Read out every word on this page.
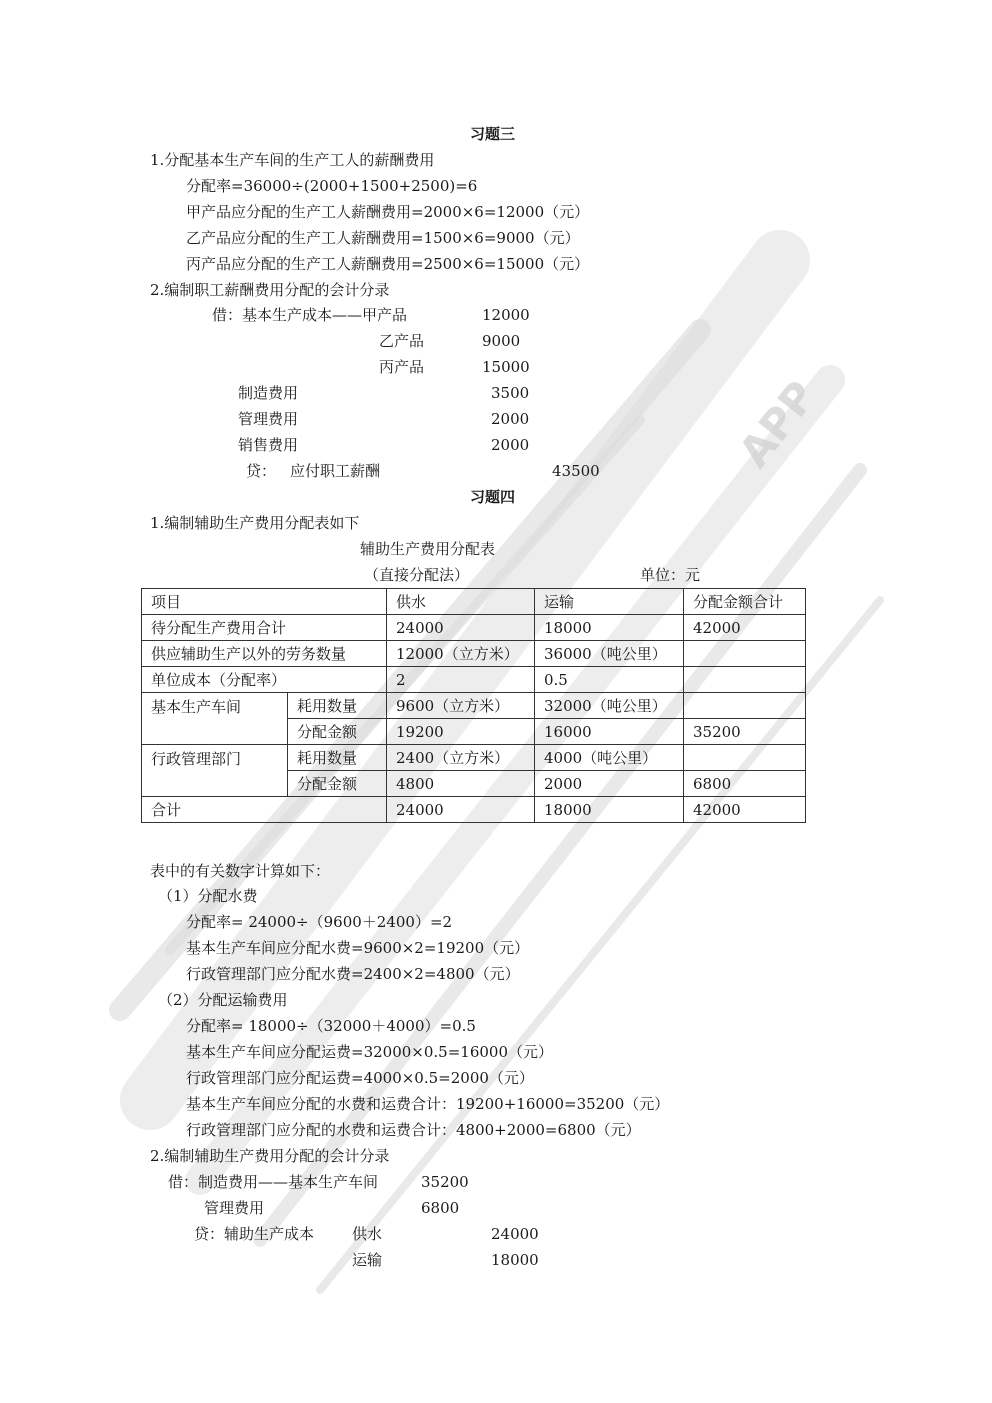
APP
习题三
1.分配基本生产车间的生产工人的薪酬费用
分配率=36000÷(2000+1500+2500)=6
甲产品应分配的生产工人薪酬费用=2000×6=12000（元）
乙产品应分配的生产工人薪酬费用=1500×6=9000（元）
丙产品应分配的生产工人薪酬费用=2500×6=15000（元）
2.编制职工薪酬费用分配的会计分录
借：基本生产成本——甲产品	12000
乙产品	9000
丙产品	15000
制造费用	3500
管理费用	2000
销售费用	2000
贷： 应付职工薪酬	43500
习题四
1.编制辅助生产费用分配表如下
辅助生产费用分配表
（直接分配法）	单位：元
项目		供水	运输	分配金额合计
待分配生产费用合计		24000	18000	42000
供应辅助生产以外的劳务数量		12000（立方米）	36000（吨公里）	
单位成本（分配率）		2	0.5	
基本生产车间	耗用数量	9600（立方米）	32000（吨公里）	
	分配金额	19200	16000	35200
行政管理部门	耗用数量	2400（立方米）	4000（吨公里）	
	分配金额	4800	2000	6800
合计		24000	18000	42000
表中的有关数字计算如下：
（1）分配水费
分配率= 24000÷（9600＋2400）=2
基本生产车间应分配水费=9600×2=19200（元）
行政管理部门应分配水费=2400×2=4800（元）
（2）分配运输费用
分配率= 18000÷（32000＋4000）=0.5
基本生产车间应分配运费=32000×0.5=16000（元）
行政管理部门应分配运费=4000×0.5=2000（元）
基本生产车间应分配的水费和运费合计：19200+16000=35200（元）
行政管理部门应分配的水费和运费合计：4800+2000=6800（元）
2.编制辅助生产费用分配的会计分录
借：制造费用——基本生产车间	35200
管理费用	6800
贷：辅助生产成本	供水	24000
运输	18000
